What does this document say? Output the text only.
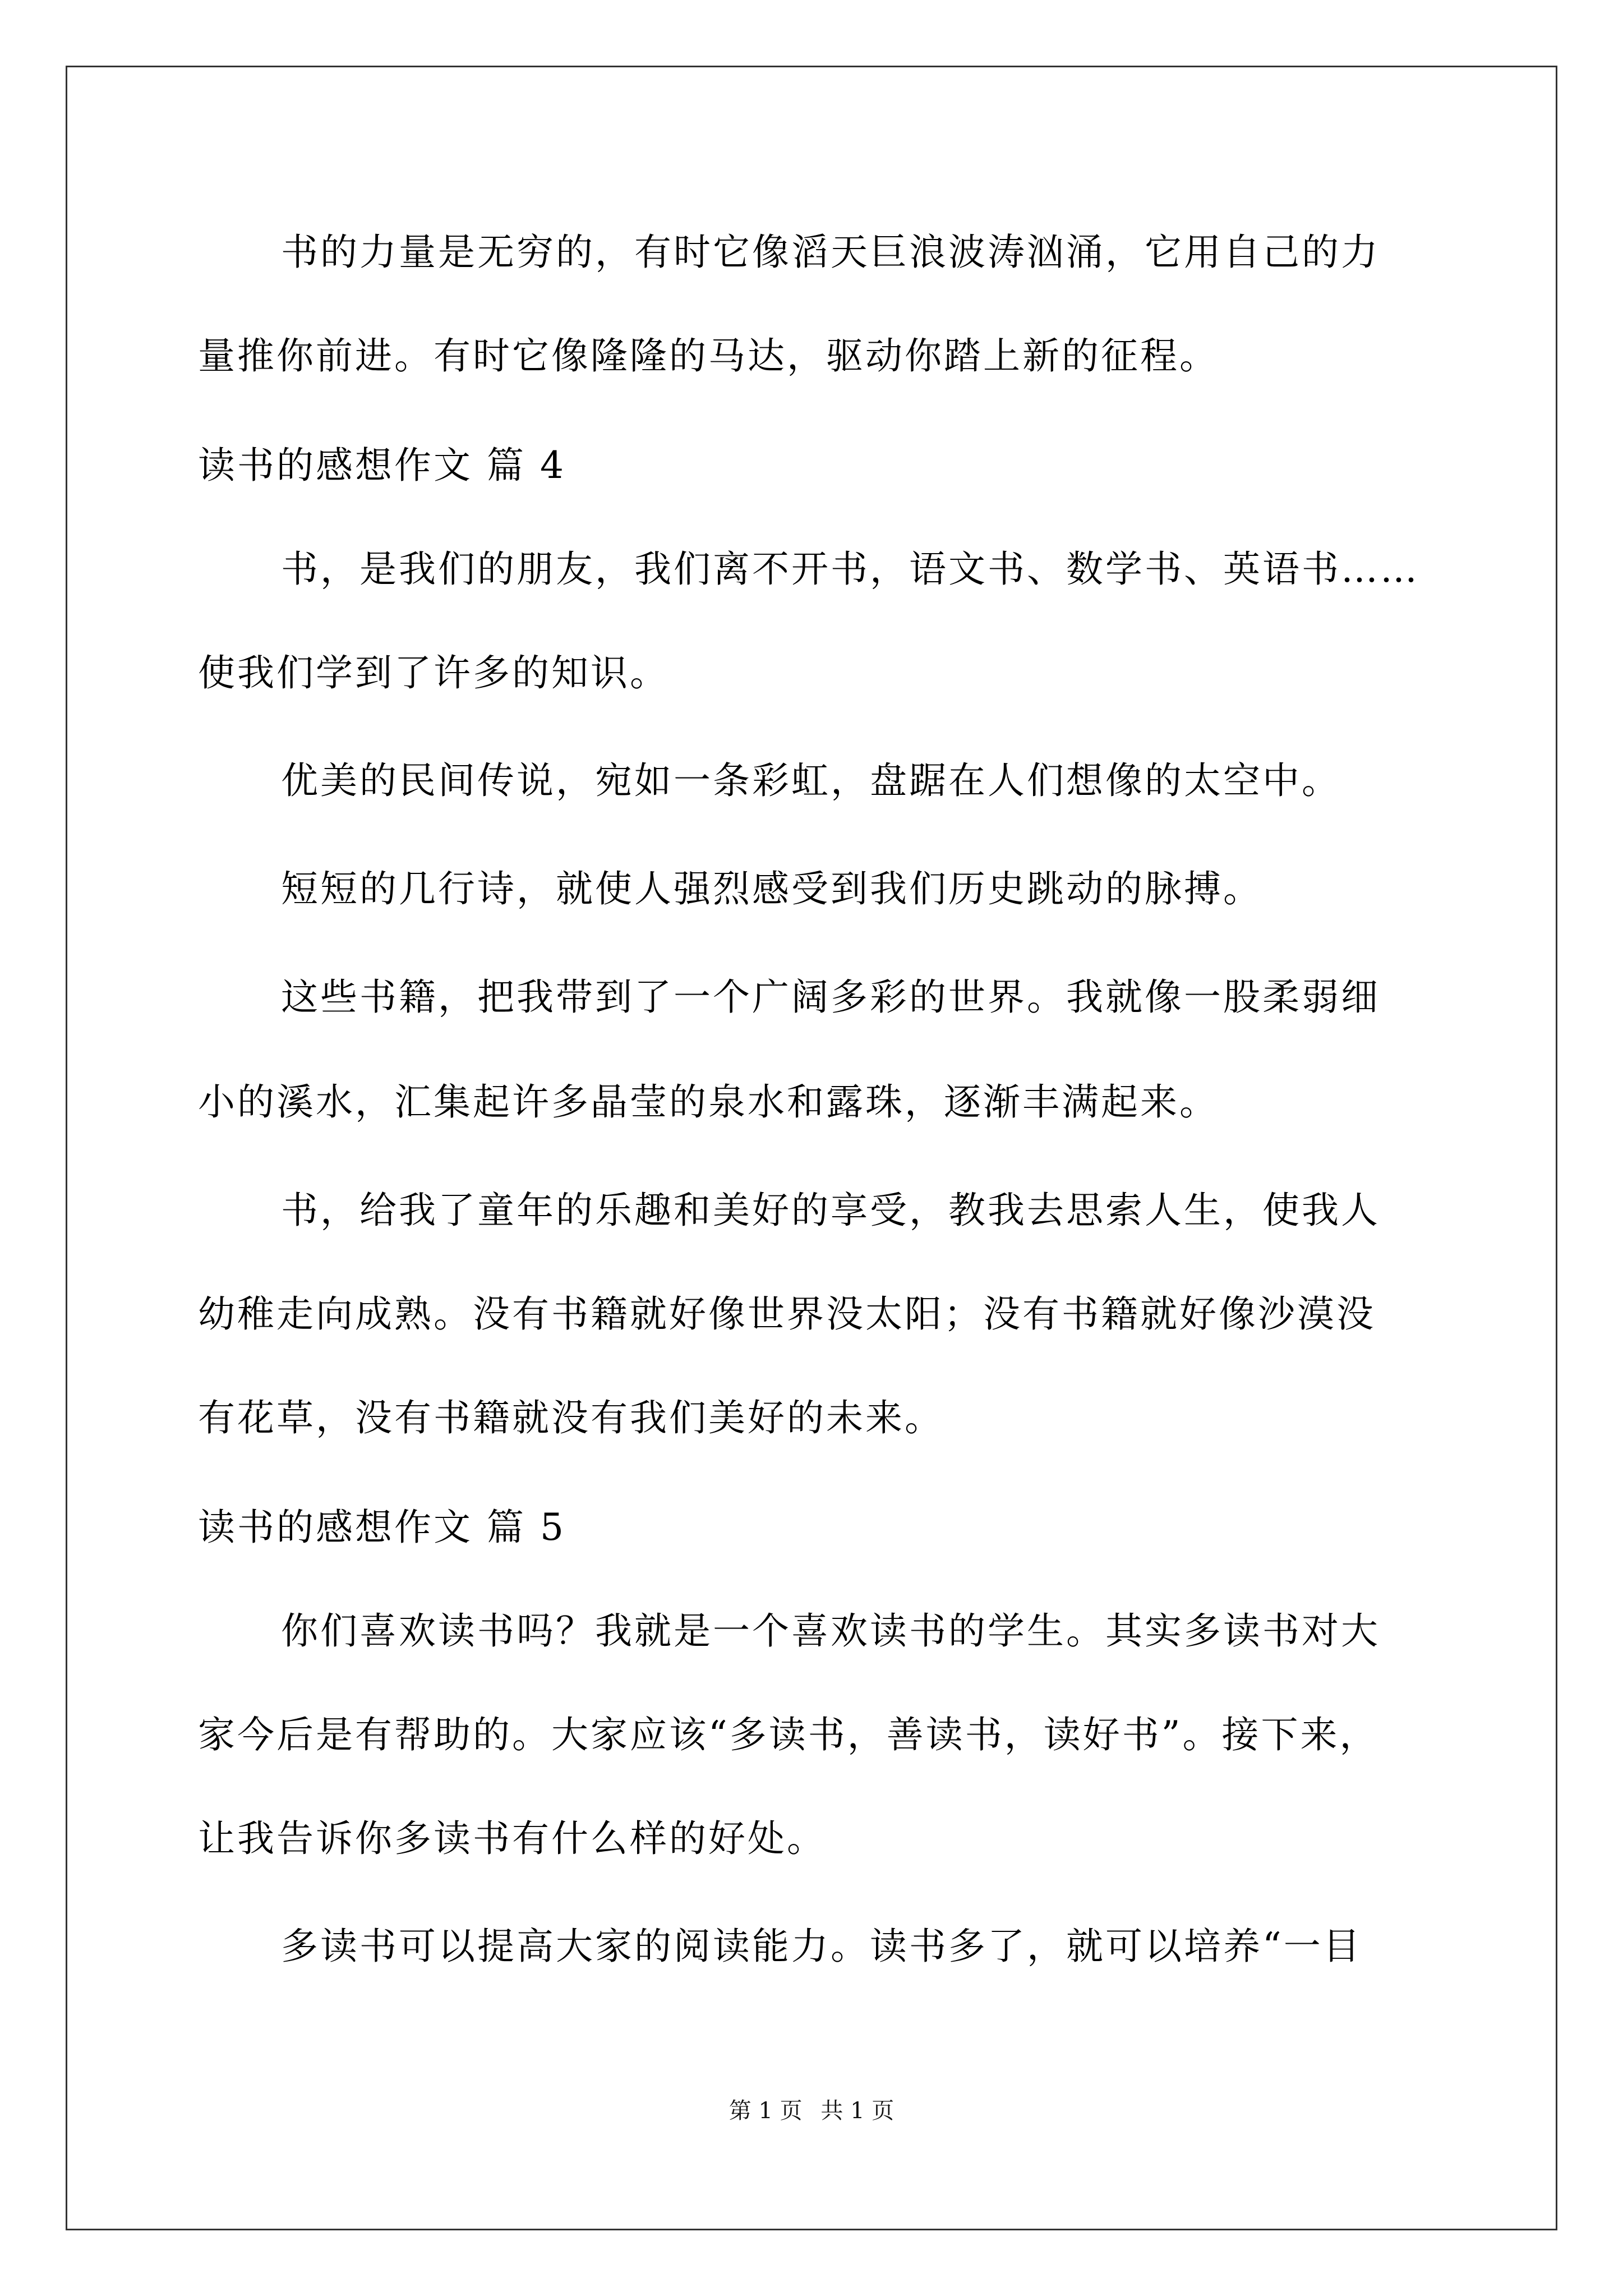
书的力量是无穷的，有时它像滔天巨浪波涛汹涌，它用自己的力
量推你前进。有时它像隆隆的马达，驱动你踏上新的征程。
读书的感想作文 篇 4
书，是我们的朋友，我们离不开书，语文书、数学书、英语书……
使我们学到了许多的知识。
优美的民间传说，宛如一条彩虹，盘踞在人们想像的太空中。
短短的几行诗，就使人强烈感受到我们历史跳动的脉搏。
这些书籍，把我带到了一个广阔多彩的世界。我就像一股柔弱细
小的溪水，汇集起许多晶莹的泉水和露珠，逐渐丰满起来。
书，给我了童年的乐趣和美好的享受，教我去思索人生，使我人
幼稚走向成熟。没有书籍就好像世界没太阳；没有书籍就好像沙漠没
有花草，没有书籍就没有我们美好的未来。
读书的感想作文 篇 5
你们喜欢读书吗？我就是一个喜欢读书的学生。其实多读书对大
家今后是有帮助的。大家应该“多读书，善读书，读好书”。接下来，
让我告诉你多读书有什么样的好处。
多读书可以提高大家的阅读能力。读书多了，就可以培养“一目
第 1 页 共 1 页
